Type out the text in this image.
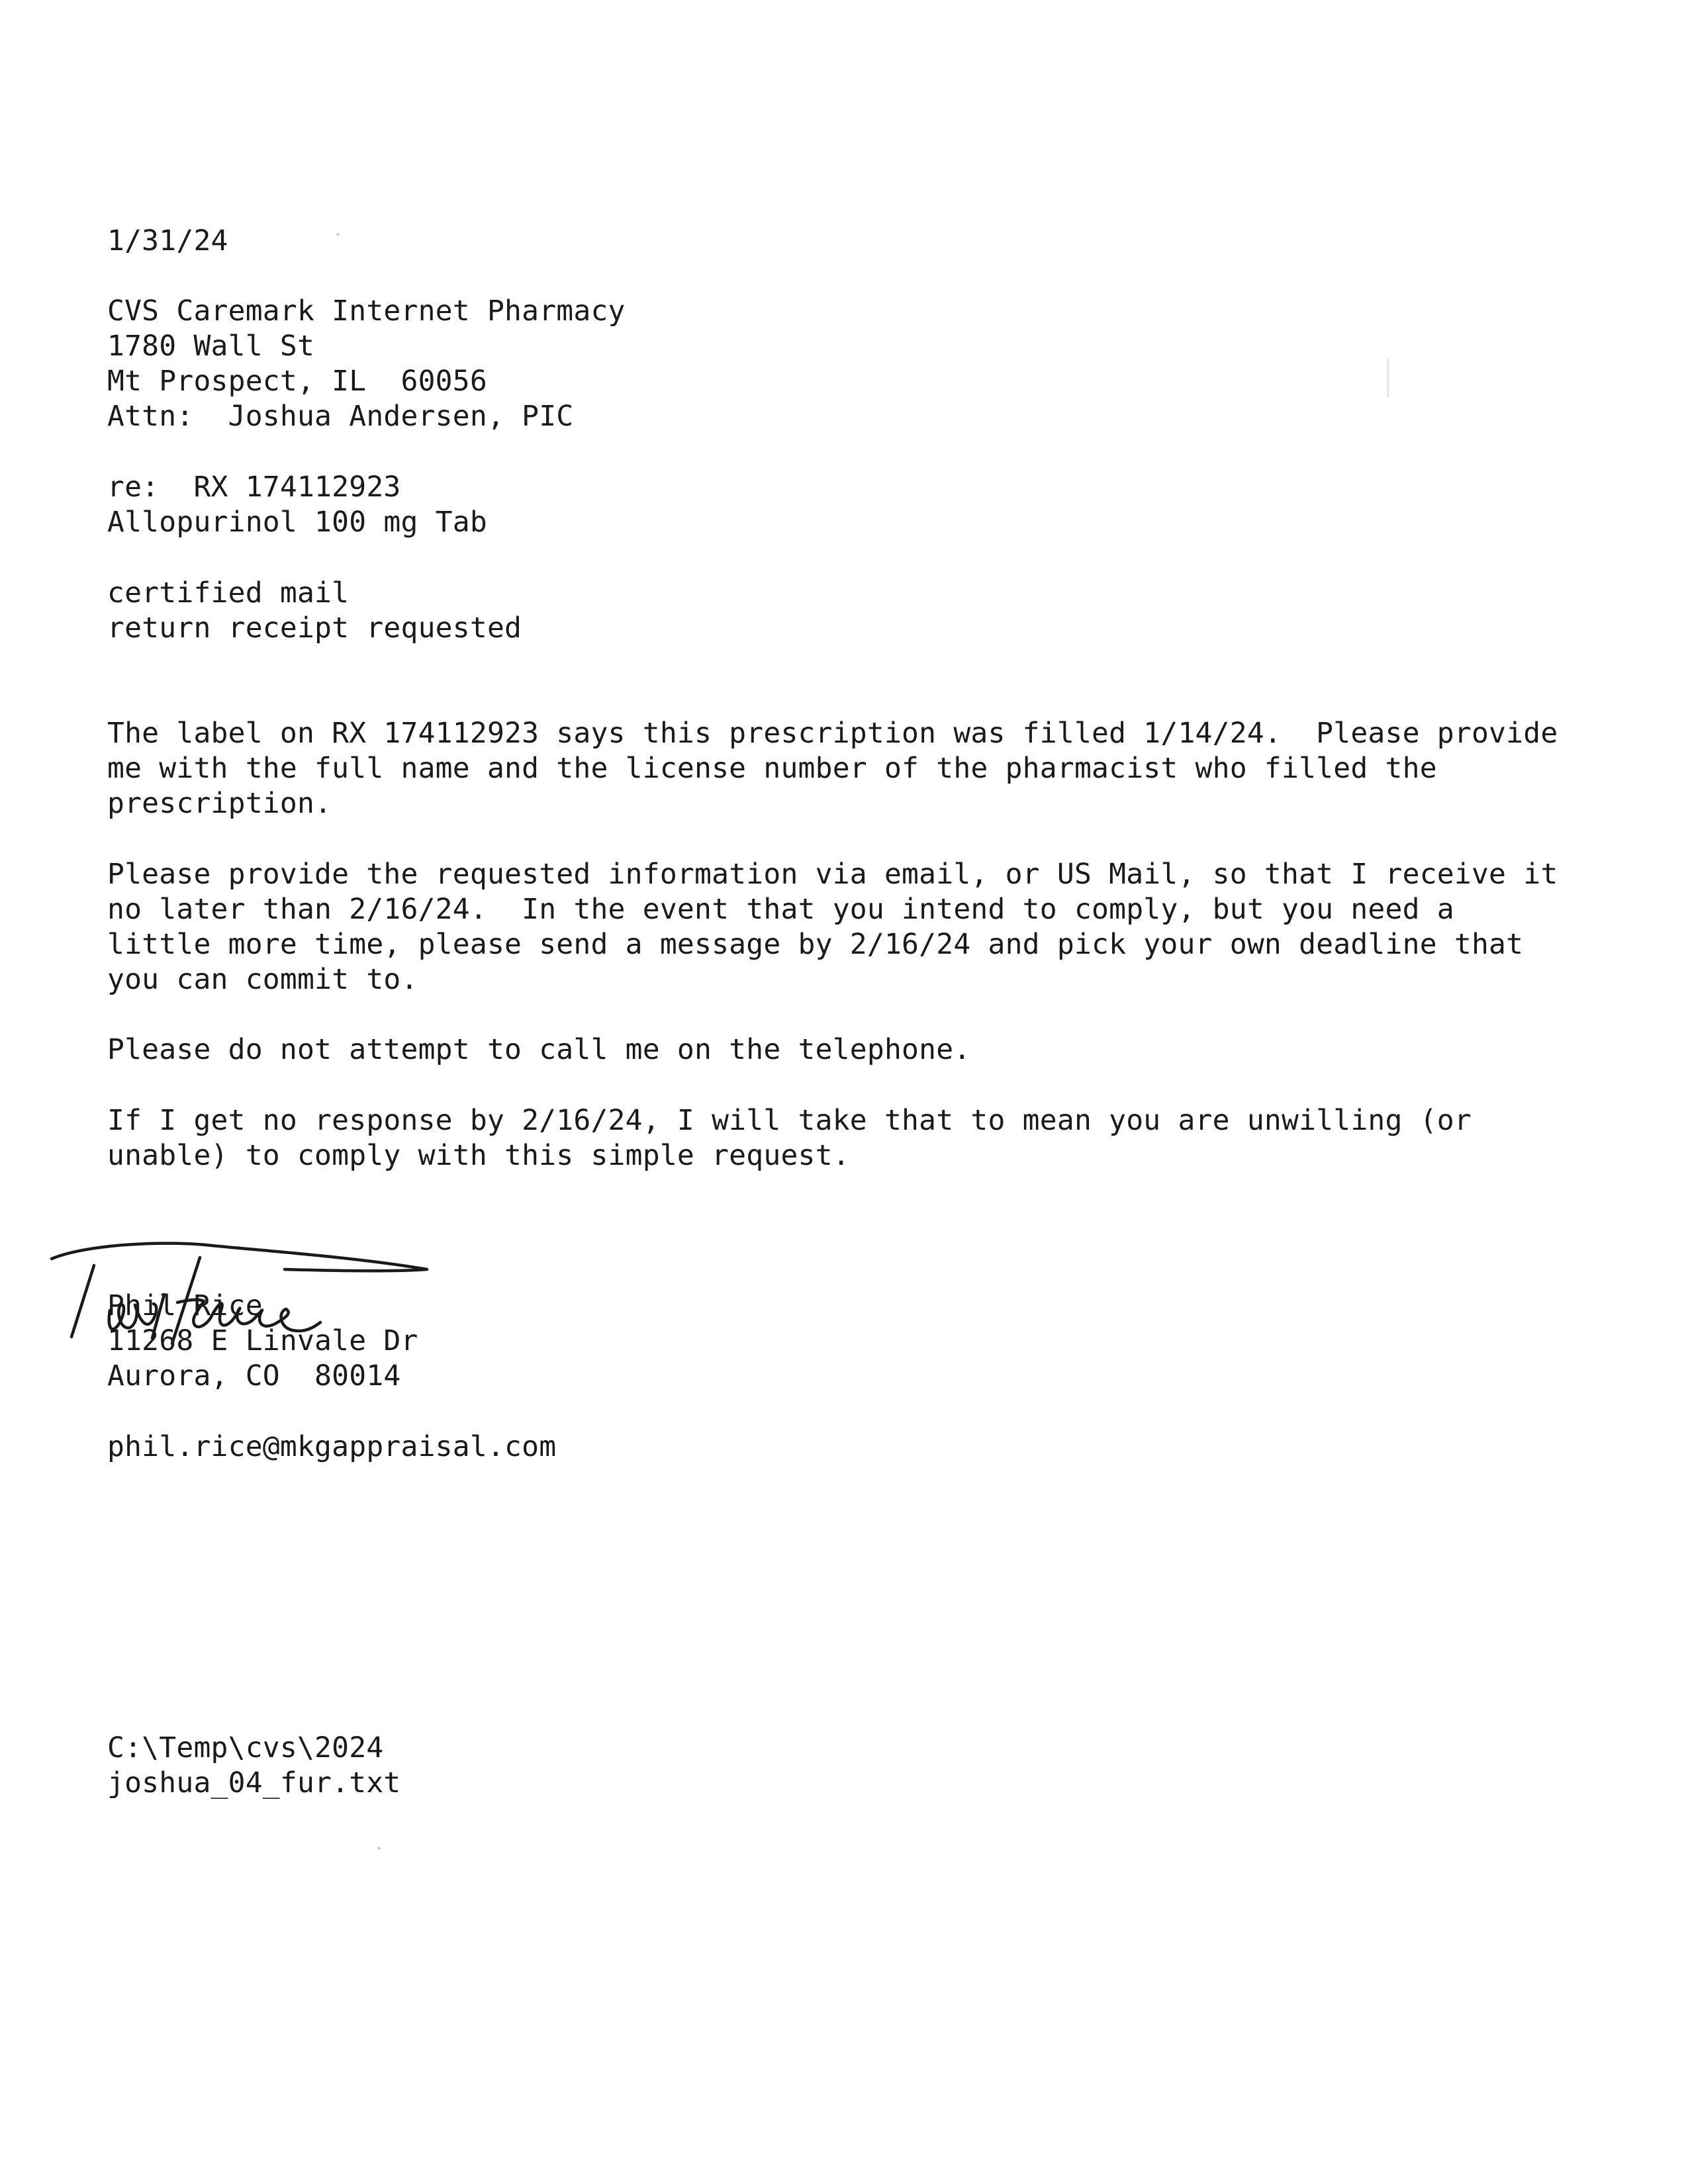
1/31/24
CVS Caremark Internet Pharmacy
1780 Wall St
Mt Prospect, IL  60056
Attn:  Joshua Andersen, PIC
re:  RX 174112923
Allopurinol 100 mg Tab
certified mail
return receipt requested
The label on RX 174112923 says this prescription was filled 1/14/24.  Please provide
me with the full name and the license number of the pharmacist who filled the
prescription.
Please provide the requested information via email, or US Mail, so that I receive it
no later than 2/16/24.  In the event that you intend to comply, but you need a
little more time, please send a message by 2/16/24 and pick your own deadline that
you can commit to.
Please do not attempt to call me on the telephone.
If I get no response by 2/16/24, I will take that to mean you are unwilling (or
unable) to comply with this simple request.
Phil Rice
11268 E Linvale Dr
Aurora, CO  80014
phil.rice@mkgappraisal.com
C:\Temp\cvs\2024
joshua_04_fur.txt
